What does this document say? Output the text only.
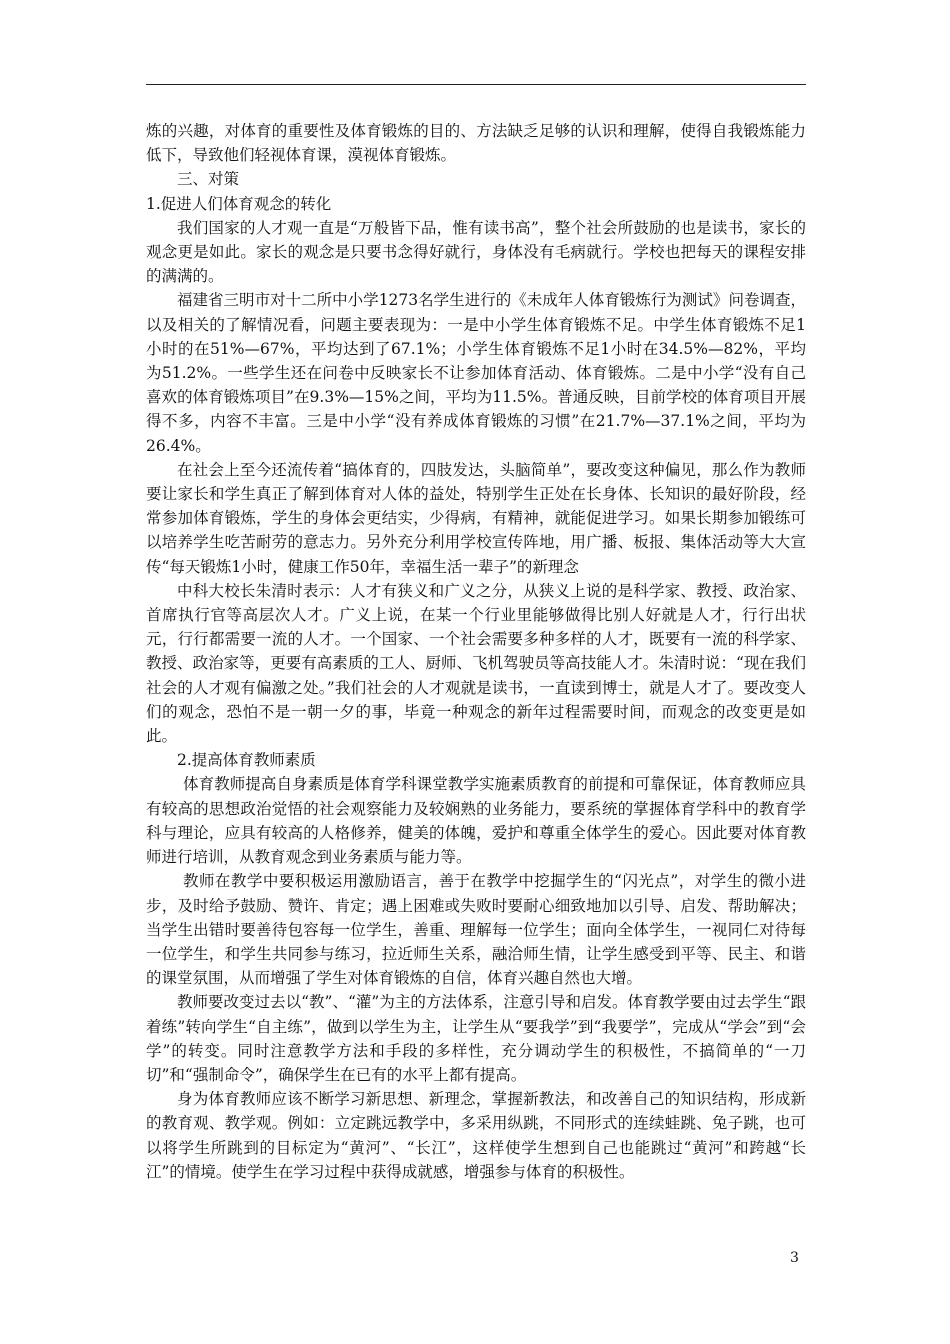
炼的兴趣，对体育的重要性及体育锻炼的目的、方法缺乏足够的认识和理解，使得自我锻炼能力低下，导致他们轻视体育课，漠视体育锻炼。

三、对策

1.促进人们体育观念的转化

我们国家的人才观一直是“万般皆下品，惟有读书高”，整个社会所鼓励的也是读书，家长的观念更是如此。家长的观念是只要书念得好就行，身体没有毛病就行。学校也把每天的课程安排的满满的。

福建省三明市对十二所中小学1273名学生进行的《未成年人体育锻炼行为测试》问卷调查，以及相关的了解情况看，问题主要表现为：一是中小学生体育锻炼不足。中学生体育锻炼不足1小时的在51%—67%，平均达到了67.1%；小学生体育锻炼不足1小时在34.5%—82%，平均为51.2%。一些学生还在问卷中反映家长不让参加体育活动、体育锻炼。二是中小学“没有自己喜欢的体育锻炼项目”在9.3%—15%之间，平均为11.5%。普通反映，目前学校的体育项目开展得不多，内容不丰富。三是中小学“没有养成体育锻炼的习惯”在21.7%—37.1%之间，平均为26.4%。

在社会上至今还流传着“搞体育的，四肢发达，头脑简单”，要改变这种偏见，那么作为教师要让家长和学生真正了解到体育对人体的益处，特别学生正处在长身体、长知识的最好阶段，经常参加体育锻炼，学生的身体会更结实，少得病，有精神，就能促进学习。如果长期参加锻练可以培养学生吃苦耐劳的意志力。另外充分利用学校宣传阵地，用广播、板报、集体活动等大大宣传“每天锻炼1小时，健康工作50年，幸福生活一辈子”的新理念

中科大校长朱清时表示：人才有狭义和广义之分，从狭义上说的是科学家、教授、政治家、首席执行官等高层次人才。广义上说，在某一个行业里能够做得比别人好就是人才，行行出状元，行行都需要一流的人才。一个国家、一个社会需要多种多样的人才，既要有一流的科学家、教授、政治家等，更要有高素质的工人、厨师、飞机驾驶员等高技能人才。朱清时说：“现在我们社会的人才观有偏激之处。”我们社会的人才观就是读书，一直读到博士，就是人才了。要改变人们的观念，恐怕不是一朝一夕的事，毕竟一种观念的新年过程需要时间，而观念的改变更是如此。

2.提高体育教师素质

体育教师提高自身素质是体育学科课堂教学实施素质教育的前提和可靠保证，体育教师应具有较高的思想政治觉悟的社会观察能力及较娴熟的业务能力，要系统的掌握体育学科中的教育学科与理论，应具有较高的人格修养，健美的体魄，爱护和尊重全体学生的爱心。因此要对体育教师进行培训，从教育观念到业务素质与能力等。

教师在教学中要积极运用激励语言，善于在教学中挖掘学生的“闪光点”，对学生的微小进步，及时给予鼓励、赞许、肯定；遇上困难或失败时要耐心细致地加以引导、启发、帮助解决；当学生出错时要善待包容每一位学生，善重、理解每一位学生；面向全体学生，一视同仁对待每一位学生，和学生共同参与练习，拉近师生关系，融洽师生情，让学生感受到平等、民主、和谐的课堂氛围，从而增强了学生对体育锻炼的自信，体育兴趣自然也大增。

教师要改变过去以“教”、“灌”为主的方法体系，注意引导和启发。体育教学要由过去学生“跟着练”转向学生“自主练”，做到以学生为主，让学生从“要我学”到“我要学”，完成从“学会”到“会学”的转变。同时注意教学方法和手段的多样性，充分调动学生的积极性，不搞简单的“一刀切”和“强制命令”，确保学生在已有的水平上都有提高。

身为体育教师应该不断学习新思想、新理念，掌握新教法，和改善自己的知识结构，形成新的教育观、教学观。例如：立定跳远教学中，多采用纵跳，不同形式的连续蛙跳、兔子跳，也可以将学生所跳到的目标定为“黄河”、“长江”，这样使学生想到自己也能跳过“黄河”和跨越“长江”的情境。使学生在学习过程中获得成就感，增强参与体育的积极性。

3
